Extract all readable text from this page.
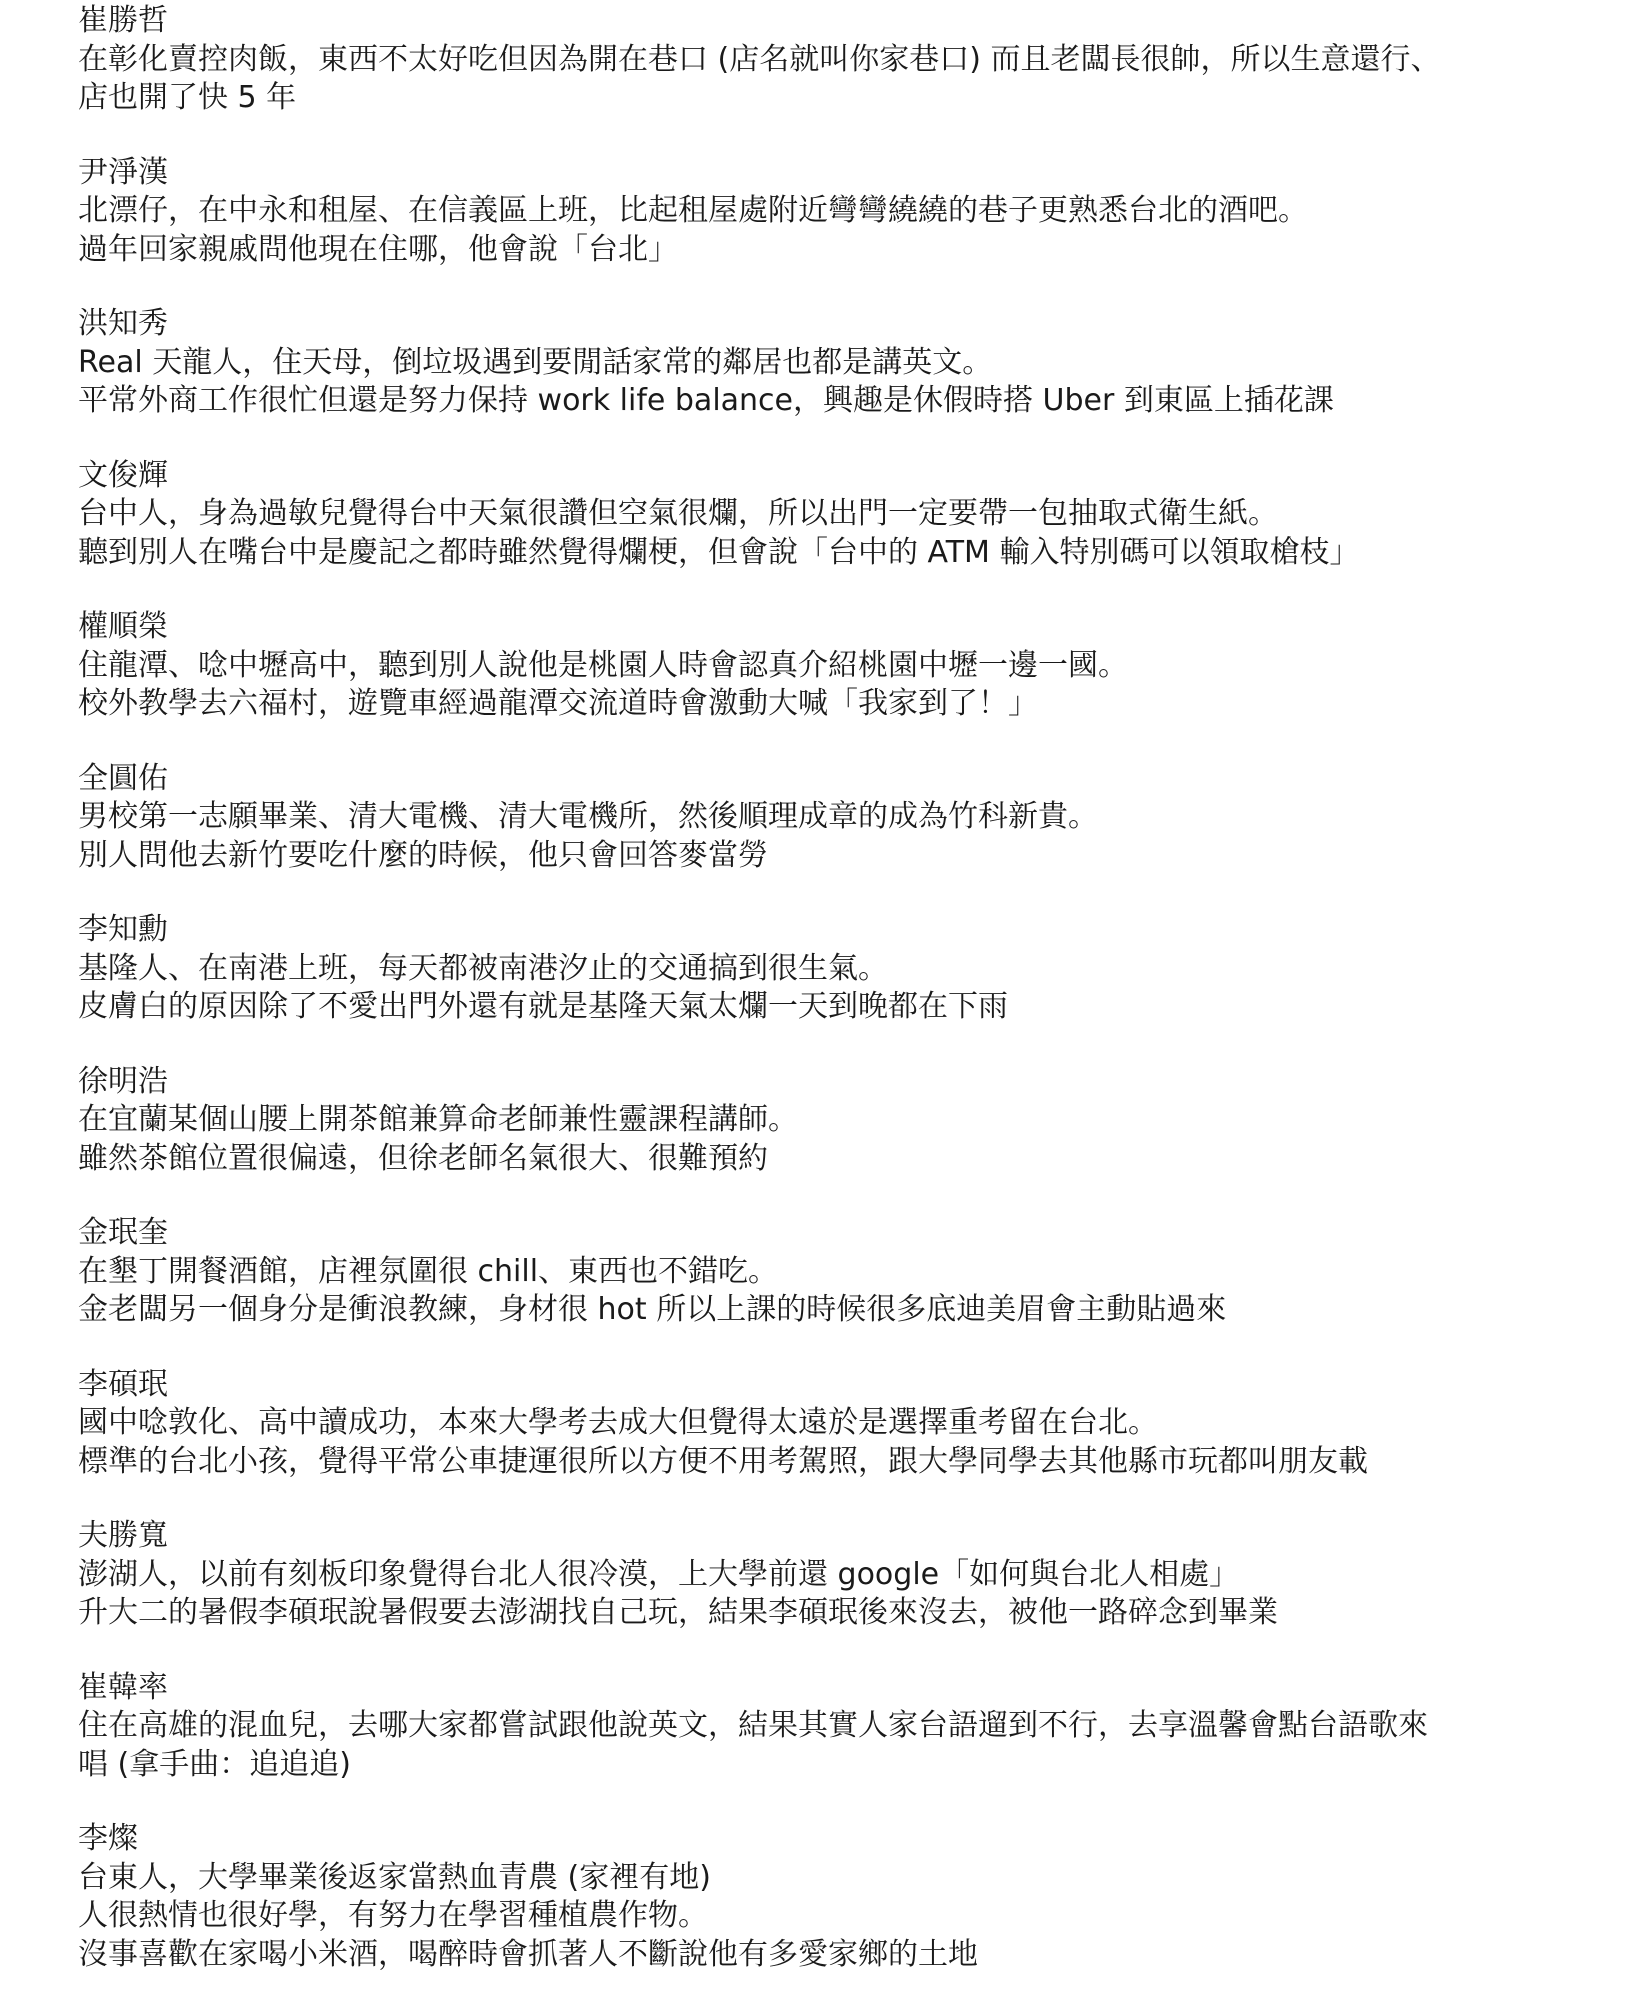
崔勝哲
在彰化賣控肉飯，東西不太好吃但因為開在巷口 (店名就叫你家巷口) 而且老闆長很帥，所以生意還行、
店也開了快 5 年
尹淨漢
北漂仔，在中永和租屋、在信義區上班，比起租屋處附近彎彎繞繞的巷子更熟悉台北的酒吧。
過年回家親戚問他現在住哪，他會說「台北」
洪知秀
Real 天龍人，住天母，倒垃圾遇到要閒話家常的鄰居也都是講英文。
平常外商工作很忙但還是努力保持 work life balance，興趣是休假時搭 Uber 到東區上插花課
文俊輝
台中人，身為過敏兒覺得台中天氣很讚但空氣很爛，所以出門一定要帶一包抽取式衛生紙。
聽到別人在嘴台中是慶記之都時雖然覺得爛梗，但會說「台中的 ATM 輸入特別碼可以領取槍枝」
權順榮
住龍潭、唸中壢高中，聽到別人說他是桃園人時會認真介紹桃園中壢一邊一國。
校外教學去六福村，遊覽車經過龍潭交流道時會激動大喊「我家到了！」
全圓佑
男校第一志願畢業、清大電機、清大電機所，然後順理成章的成為竹科新貴。
別人問他去新竹要吃什麼的時候，他只會回答麥當勞
李知勳
基隆人、在南港上班，每天都被南港汐止的交通搞到很生氣。
皮膚白的原因除了不愛出門外還有就是基隆天氣太爛一天到晚都在下雨
徐明浩
在宜蘭某個山腰上開茶館兼算命老師兼性靈課程講師。
雖然茶館位置很偏遠，但徐老師名氣很大、很難預約
金珉奎
在墾丁開餐酒館，店裡氛圍很 chill、東西也不錯吃。
金老闆另一個身分是衝浪教練，身材很 hot 所以上課的時候很多底迪美眉會主動貼過來
李碩珉
國中唸敦化、高中讀成功，本來大學考去成大但覺得太遠於是選擇重考留在台北。
標準的台北小孩，覺得平常公車捷運很所以方便不用考駕照，跟大學同學去其他縣市玩都叫朋友載
夫勝寬
澎湖人，以前有刻板印象覺得台北人很冷漠，上大學前還 google「如何與台北人相處」
升大二的暑假李碩珉說暑假要去澎湖找自己玩，結果李碩珉後來沒去，被他一路碎念到畢業
崔韓率
住在高雄的混血兒，去哪大家都嘗試跟他說英文，結果其實人家台語遛到不行，去享溫馨會點台語歌來
唱 (拿手曲：追追追)
李燦
台東人，大學畢業後返家當熱血青農 (家裡有地)
人很熱情也很好學，有努力在學習種植農作物。
沒事喜歡在家喝小米酒，喝醉時會抓著人不斷說他有多愛家鄉的土地
